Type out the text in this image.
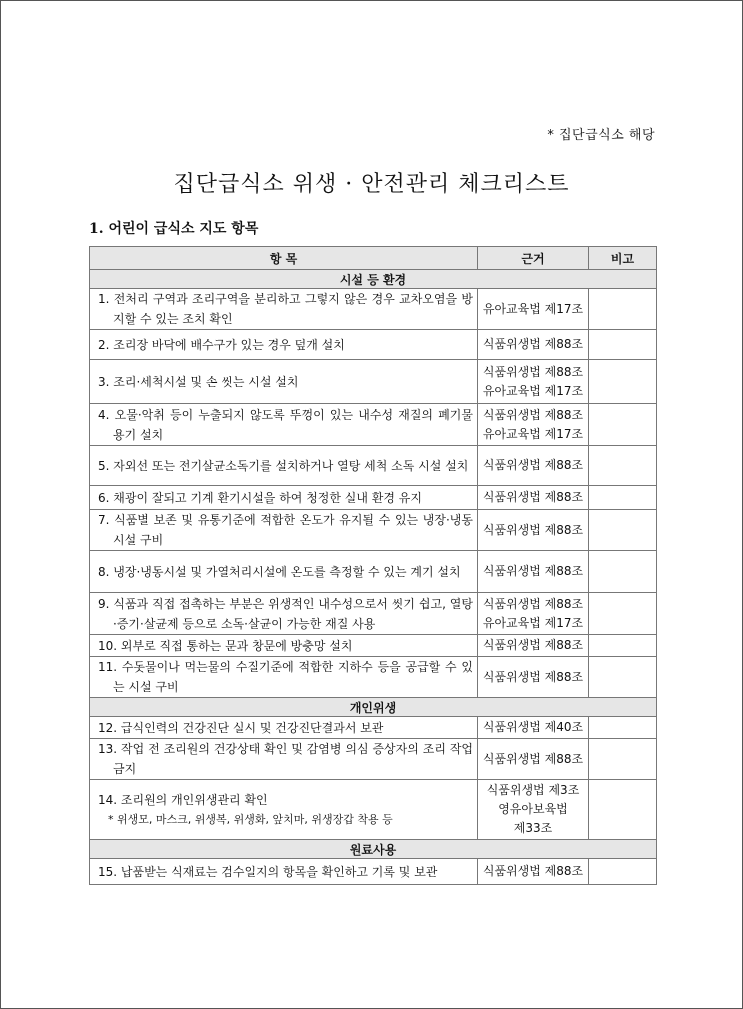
* 집단급식소 해당
집단급식소 위생 · 안전관리 체크리스트
1. 어린이 급식소 지도 항목
항 목	근거	비고
시설 등 환경		

1. 전처리 구역과 조리구역을 분리하고 그렇지 않은 경우 교차오염을 방지할 수 있는 조치 확인	유아교육법 제17조	

2. 조리장 바닥에 배수구가 있는 경우 덮개 설치	식품위생법 제88조	

3. 조리·세척시설 및 손 씻는 시설 설치	식품위생법 제88조
유아교육법 제17조	

4. 오물·악취 등이 누출되지 않도록 뚜껑이 있는 내수성 재질의 폐기물 용기 설치	식품위생법 제88조
유아교육법 제17조	

5. 자외선 또는 전기살균소독기를 설치하거나 열탕 세척 소독 시설 설치	식품위생법 제88조	

6. 채광이 잘되고 기계 환기시설을 하여 청정한 실내 환경 유지	식품위생법 제88조	

7. 식품별 보존 및 유통기준에 적합한 온도가 유지될 수 있는 냉장·냉동시설 구비	식품위생법 제88조	

8. 냉장·냉동시설 및 가열처리시설에 온도를 측정할 수 있는 계기 설치	식품위생법 제88조	

9. 식품과 직접 접촉하는 부분은 위생적인 내수성으로서 씻기 쉽고, 열탕·증기·살균제 등으로 소독·살균이 가능한 재질 사용	식품위생법 제88조
유아교육법 제17조	

10. 외부로 직접 통하는 문과 창문에 방충망 설치	식품위생법 제88조	

11. 수돗물이나 먹는물의 수질기준에 적합한 지하수 등을 공급할 수 있는 시설 구비	식품위생법 제88조	

개인위생		

12. 급식인력의 건강진단 실시 및 건강진단결과서 보관	식품위생법 제40조	

13. 작업 전 조리원의 건강상태 확인 및 감염병 의심 증상자의 조리 작업 금지	식품위생법 제88조	

14. 조리원의 개인위생관리 확인
* 위생모, 마스크, 위생복, 위생화, 앞치마, 위생장갑 착용 등	식품위생법 제3조
영유아보육법
제33조	

원료사용		

15. 납품받는 식재료는 검수일지의 항목을 확인하고 기록 및 보관	식품위생법 제88조	
